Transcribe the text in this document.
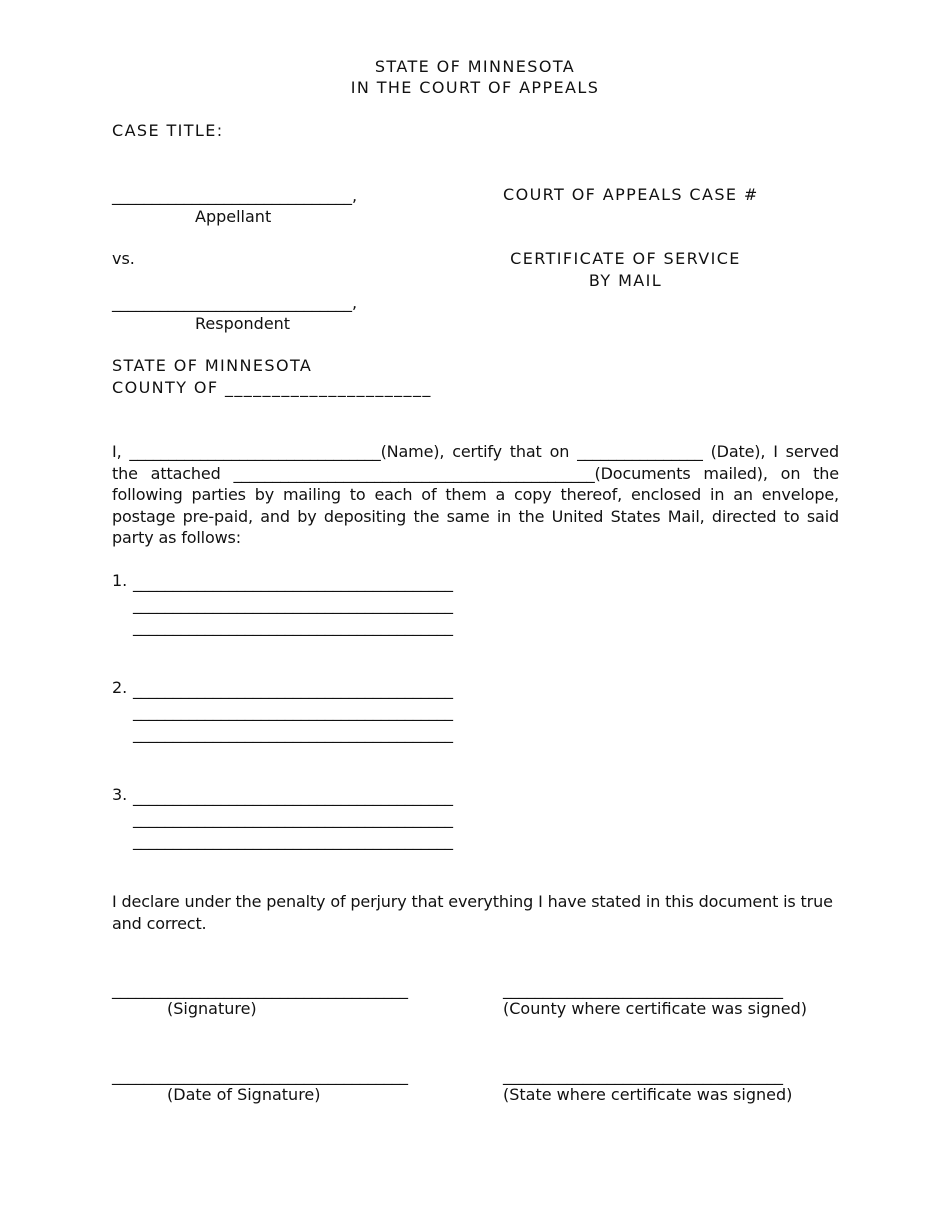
STATE OF MINNESOTA
IN THE COURT OF APPEALS
CASE TITLE:
______________________________,
Appellant
COURT OF APPEALS CASE #
vs.	CERTIFICATE OF SERVICE
BY MAIL
______________________________,
Respondent
STATE OF MINNESOTA
COUNTY OF ______________________
I, ________________________________(Name), certify that on ________________ (Date), I served the attached ______________________________________________(Documents mailed), on the following parties by mailing to each of them a copy thereof, enclosed in an envelope, postage pre-paid, and by depositing the same in the United States Mail, directed to said party as follows:
1. ________________________________________
________________________________________
________________________________________
2. ________________________________________
________________________________________
________________________________________
3. ________________________________________
________________________________________
________________________________________
I declare under the penalty of perjury that everything I have stated in this document is true and correct.
_____________________________________
(Signature)
___________________________________
(County where certificate was signed)
_____________________________________
(Date of Signature)
___________________________________
(State where certificate was signed)
